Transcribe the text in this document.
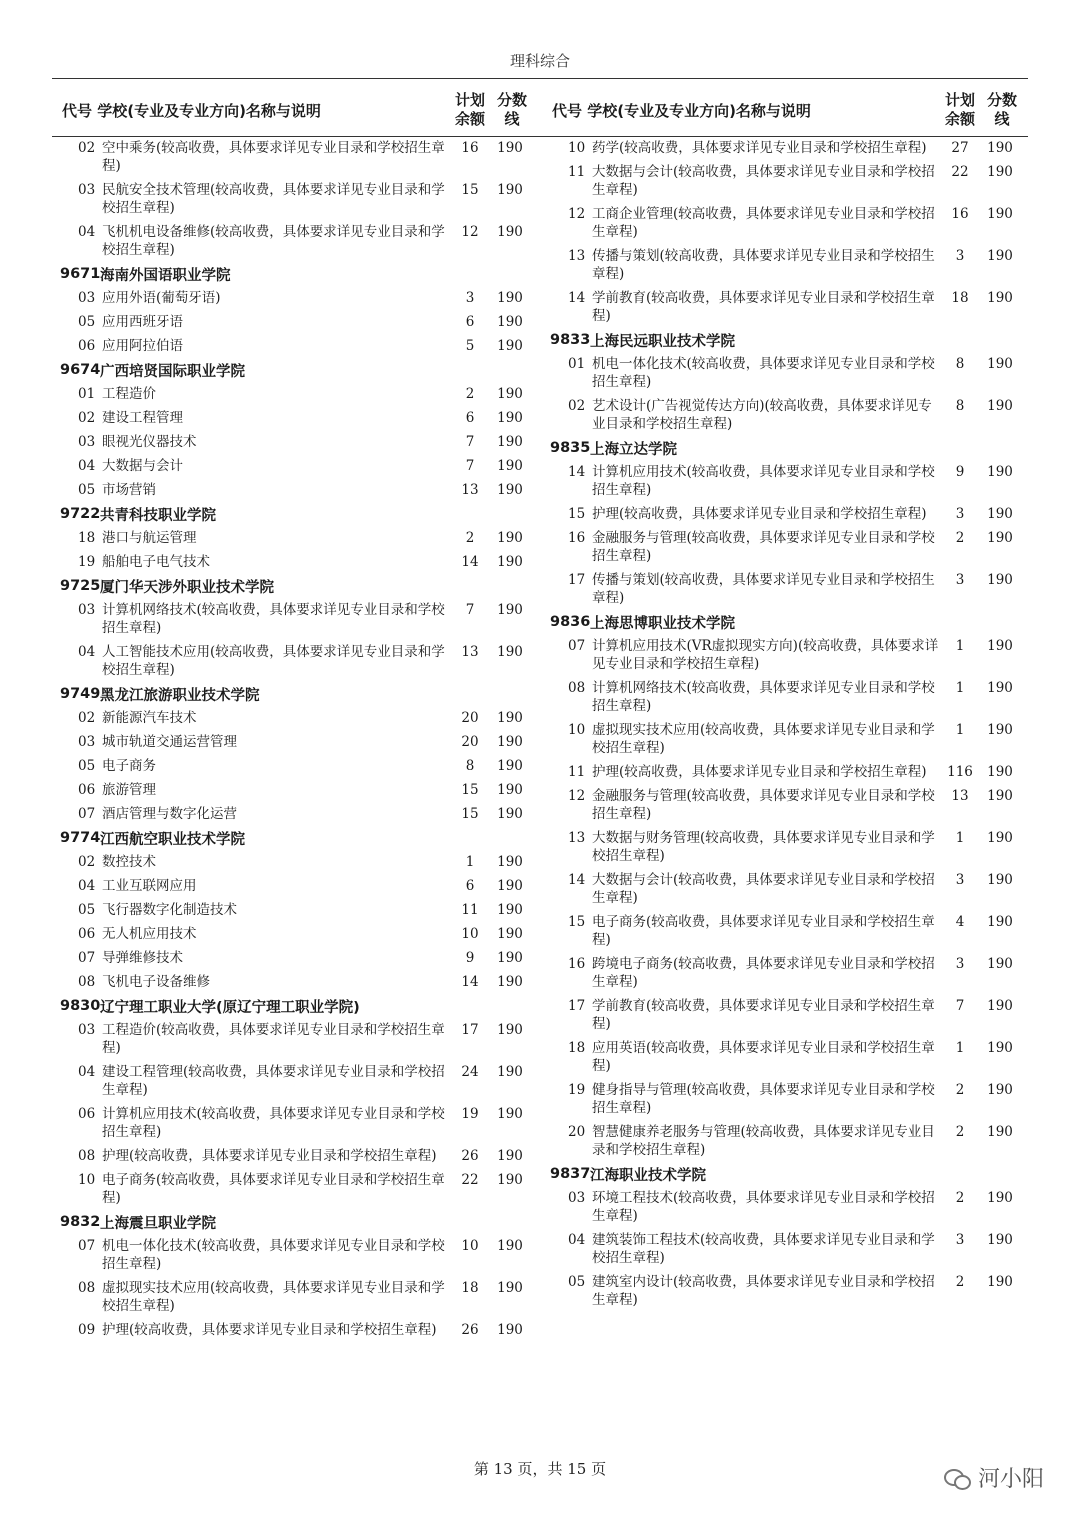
理科综合
代号 学校(专业及专业方向)名称与说明
计划余额
分数线
02 空中乘务(较高收费，具体要求详见专业目录和学校招生章程)
16	190
03 民航安全技术管理(较高收费，具体要求详见专业目录和学校招生章程)
15	190
04 飞机机电设备维修(较高收费，具体要求详见专业目录和学校招生章程)
12	190
9671 海南外国语职业学院
03 应用外语(葡萄牙语)	3	190
05 应用西班牙语	6	190
06 应用阿拉伯语	5	190
9674 广西培贤国际职业学院
01 工程造价	2	190
02 建设工程管理	6	190
03 眼视光仪器技术	7	190
04 大数据与会计	7	190
05 市场营销	13	190
9722 共青科技职业学院
18 港口与航运管理	2	190
19 船舶电子电气技术	14	190
9725 厦门华天涉外职业技术学院
03 计算机网络技术(较高收费，具体要求详见专业目录和学校招生章程)
7	190
04 人工智能技术应用(较高收费，具体要求详见专业目录和学校招生章程)
13	190
9749 黑龙江旅游职业技术学院
02 新能源汽车技术	20	190
03 城市轨道交通运营管理	20	190
05 电子商务	8	190
06 旅游管理	15	190
07 酒店管理与数字化运营	15	190
9774 江西航空职业技术学院
02 数控技术	1	190
04 工业互联网应用	6	190
05 飞行器数字化制造技术	11	190
06 无人机应用技术	10	190
07 导弹维修技术	9	190
08 飞机电子设备维修	14	190
9830 辽宁理工职业大学(原辽宁理工职业学院)
03 工程造价(较高收费，具体要求详见专业目录和学校招生章程)
17	190
04 建设工程管理(较高收费，具体要求详见专业目录和学校招生章程)
24	190
06 计算机应用技术(较高收费，具体要求详见专业目录和学校招生章程)
19	190
08 护理(较高收费，具体要求详见专业目录和学校招生章程)	26	190
10 电子商务(较高收费，具体要求详见专业目录和学校招生章程)
22	190
9832 上海震旦职业学院
07 机电一体化技术(较高收费，具体要求详见专业目录和学校招生章程)
10	190
08 虚拟现实技术应用(较高收费，具体要求详见专业目录和学校招生章程)
18	190
09 护理(较高收费，具体要求详见专业目录和学校招生章程)	26	190
代号 学校(专业及专业方向)名称与说明
计划余额
分数线
10 药学(较高收费，具体要求详见专业目录和学校招生章程)	27	190
11 大数据与会计(较高收费，具体要求详见专业目录和学校招生章程)
22	190
12 工商企业管理(较高收费，具体要求详见专业目录和学校招生章程)
16	190
13 传播与策划(较高收费，具体要求详见专业目录和学校招生章程)
3	190
14 学前教育(较高收费，具体要求详见专业目录和学校招生章程)
18	190
9833 上海民远职业技术学院
01 机电一体化技术(较高收费，具体要求详见专业目录和学校招生章程)
8	190
02 艺术设计(广告视觉传达方向)(较高收费，具体要求详见专业目录和学校招生章程)
8	190
9835 上海立达学院
14 计算机应用技术(较高收费，具体要求详见专业目录和学校招生章程)
9	190
15 护理(较高收费，具体要求详见专业目录和学校招生章程)	3	190
16 金融服务与管理(较高收费，具体要求详见专业目录和学校招生章程)
2	190
17 传播与策划(较高收费，具体要求详见专业目录和学校招生章程)
3	190
9836 上海思博职业技术学院
07 计算机应用技术(VR虚拟现实方向)(较高收费，具体要求详见专业目录和学校招生章程)
1	190
08 计算机网络技术(较高收费，具体要求详见专业目录和学校招生章程)
1	190
10 虚拟现实技术应用(较高收费，具体要求详见专业目录和学校招生章程)
1	190
11 护理(较高收费，具体要求详见专业目录和学校招生章程)	116	190
12 金融服务与管理(较高收费，具体要求详见专业目录和学校招生章程)
13	190
13 大数据与财务管理(较高收费，具体要求详见专业目录和学校招生章程)
1	190
14 大数据与会计(较高收费，具体要求详见专业目录和学校招生章程)
3	190
15 电子商务(较高收费，具体要求详见专业目录和学校招生章程)
4	190
16 跨境电子商务(较高收费，具体要求详见专业目录和学校招生章程)
3	190
17 学前教育(较高收费，具体要求详见专业目录和学校招生章程)
7	190
18 应用英语(较高收费，具体要求详见专业目录和学校招生章程)
1	190
19 健身指导与管理(较高收费，具体要求详见专业目录和学校招生章程)
2	190
20 智慧健康养老服务与管理(较高收费，具体要求详见专业目录和学校招生章程)
2	190
9837 江海职业技术学院
03 环境工程技术(较高收费，具体要求详见专业目录和学校招生章程)
2	190
04 建筑装饰工程技术(较高收费，具体要求详见专业目录和学校招生章程)
3	190
05 建筑室内设计(较高收费，具体要求详见专业目录和学校招生章程)
2	190
第 13 页，共 15 页	河小阳
